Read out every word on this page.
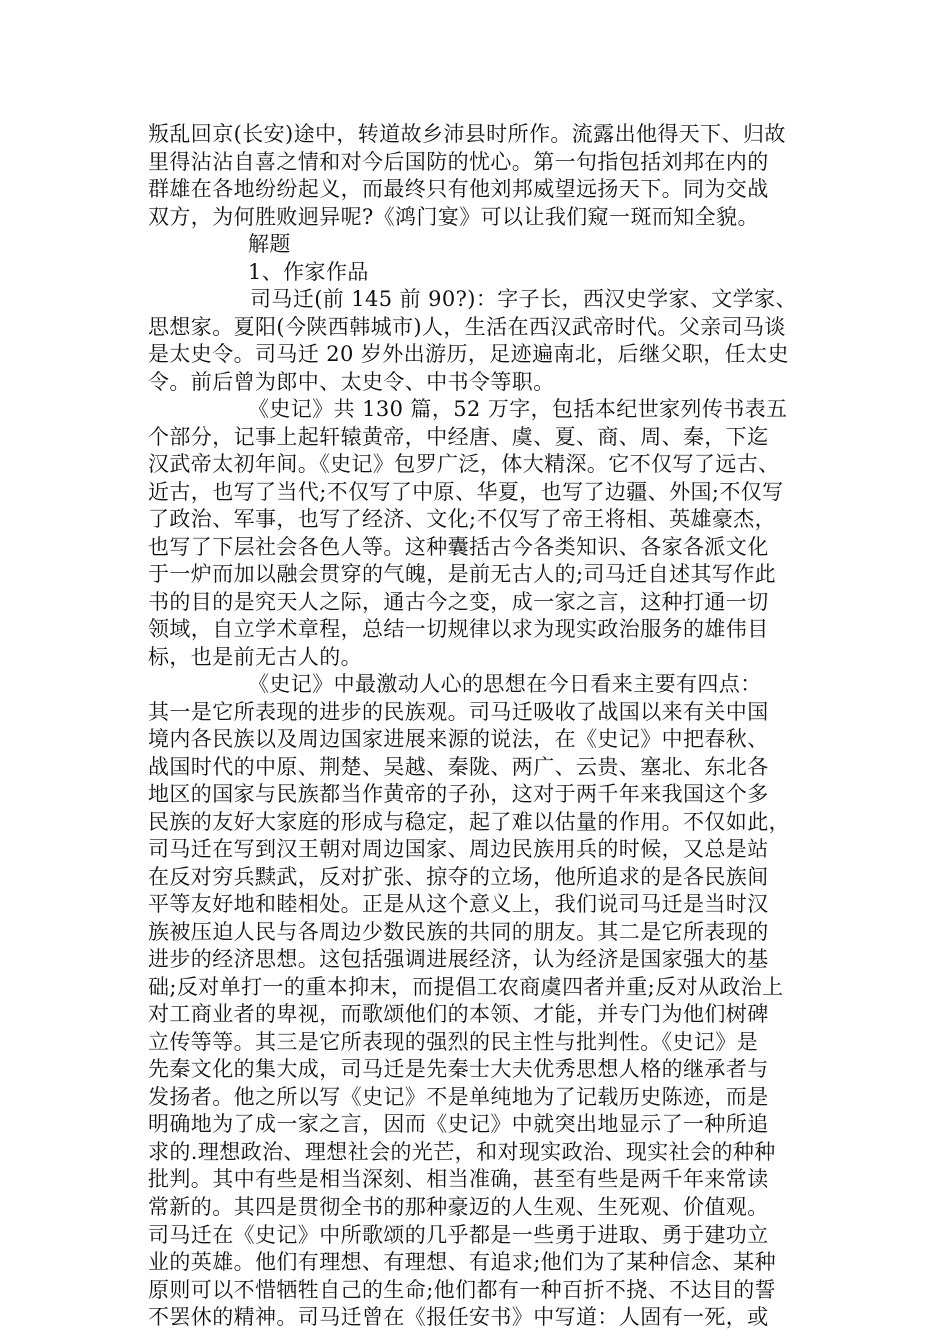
叛乱回京(长安)途中，转道故乡沛县时所作。流露出他得天下、归故
里得沾沾自喜之情和对今后国防的忧心。第一句指包括刘邦在内的
群雄在各地纷纷起义，而最终只有他刘邦威望远扬天下。同为交战
双方，为何胜败迥异呢?《鸿门宴》可以让我们窥一斑而知全貌。
解题
1、作家作品
司马迁(前 145 前 90?)：字子长，西汉史学家、文学家、
思想家。夏阳(今陕西韩城市)人，生活在西汉武帝时代。父亲司马谈
是太史令。司马迁 20 岁外出游历，足迹遍南北，后继父职，任太史
令。前后曾为郎中、太史令、中书令等职。
《史记》共 130 篇，52 万字，包括本纪世家列传书表五
个部分，记事上起轩辕黄帝，中经唐、虞、夏、商、周、秦，下迄
汉武帝太初年间。《史记》包罗广泛，体大精深。它不仅写了远古、
近古，也写了当代;不仅写了中原、华夏，也写了边疆、外国;不仅写
了政治、军事，也写了经济、文化;不仅写了帝王将相、英雄豪杰，
也写了下层社会各色人等。这种囊括古今各类知识、各家各派文化
于一炉而加以融会贯穿的气魄，是前无古人的;司马迁自述其写作此
书的目的是究天人之际，通古今之变，成一家之言，这种打通一切
领域，自立学术章程，总结一切规律以求为现实政治服务的雄伟目
标，也是前无古人的。
《史记》中最激动人心的思想在今日看来主要有四点：
其一是它所表现的进步的民族观。司马迁吸收了战国以来有关中国
境内各民族以及周边国家进展来源的说法，在《史记》中把春秋、
战国时代的中原、荆楚、吴越、秦陇、两广、云贵、塞北、东北各
地区的国家与民族都当作黄帝的子孙，这对于两千年来我国这个多
民族的友好大家庭的形成与稳定，起了难以估量的作用。不仅如此，
司马迁在写到汉王朝对周边国家、周边民族用兵的时候，又总是站
在反对穷兵黩武，反对扩张、掠夺的立场，他所追求的是各民族间
平等友好地和睦相处。正是从这个意义上，我们说司马迁是当时汉
族被压迫人民与各周边少数民族的共同的朋友。其二是它所表现的
进步的经济思想。这包括强调进展经济，认为经济是国家强大的基
础;反对单打一的重本抑末，而提倡工农商虞四者并重;反对从政治上
对工商业者的卑视，而歌颂他们的本领、才能，并专门为他们树碑
立传等等。其三是它所表现的强烈的民主性与批判性。《史记》是
先秦文化的集大成，司马迁是先秦士大夫优秀思想人格的继承者与
发扬者。他之所以写《史记》不是单纯地为了记载历史陈迹，而是
明确地为了成一家之言，因而《史记》中就突出地显示了一种所追
求的.理想政治、理想社会的光芒，和对现实政治、现实社会的种种
批判。其中有些是相当深刻、相当准确，甚至有些是两千年来常读
常新的。其四是贯彻全书的那种豪迈的人生观、生死观、价值观。
司马迁在《史记》中所歌颂的几乎都是一些勇于进取、勇于建功立
业的英雄。他们有理想、有理想、有追求;他们为了某种信念、某种
原则可以不惜牺牲自己的生命;他们都有一种百折不挠、不达目的誓
不罢休的精神。司马迁曾在《报任安书》中写道：人固有一死，或
